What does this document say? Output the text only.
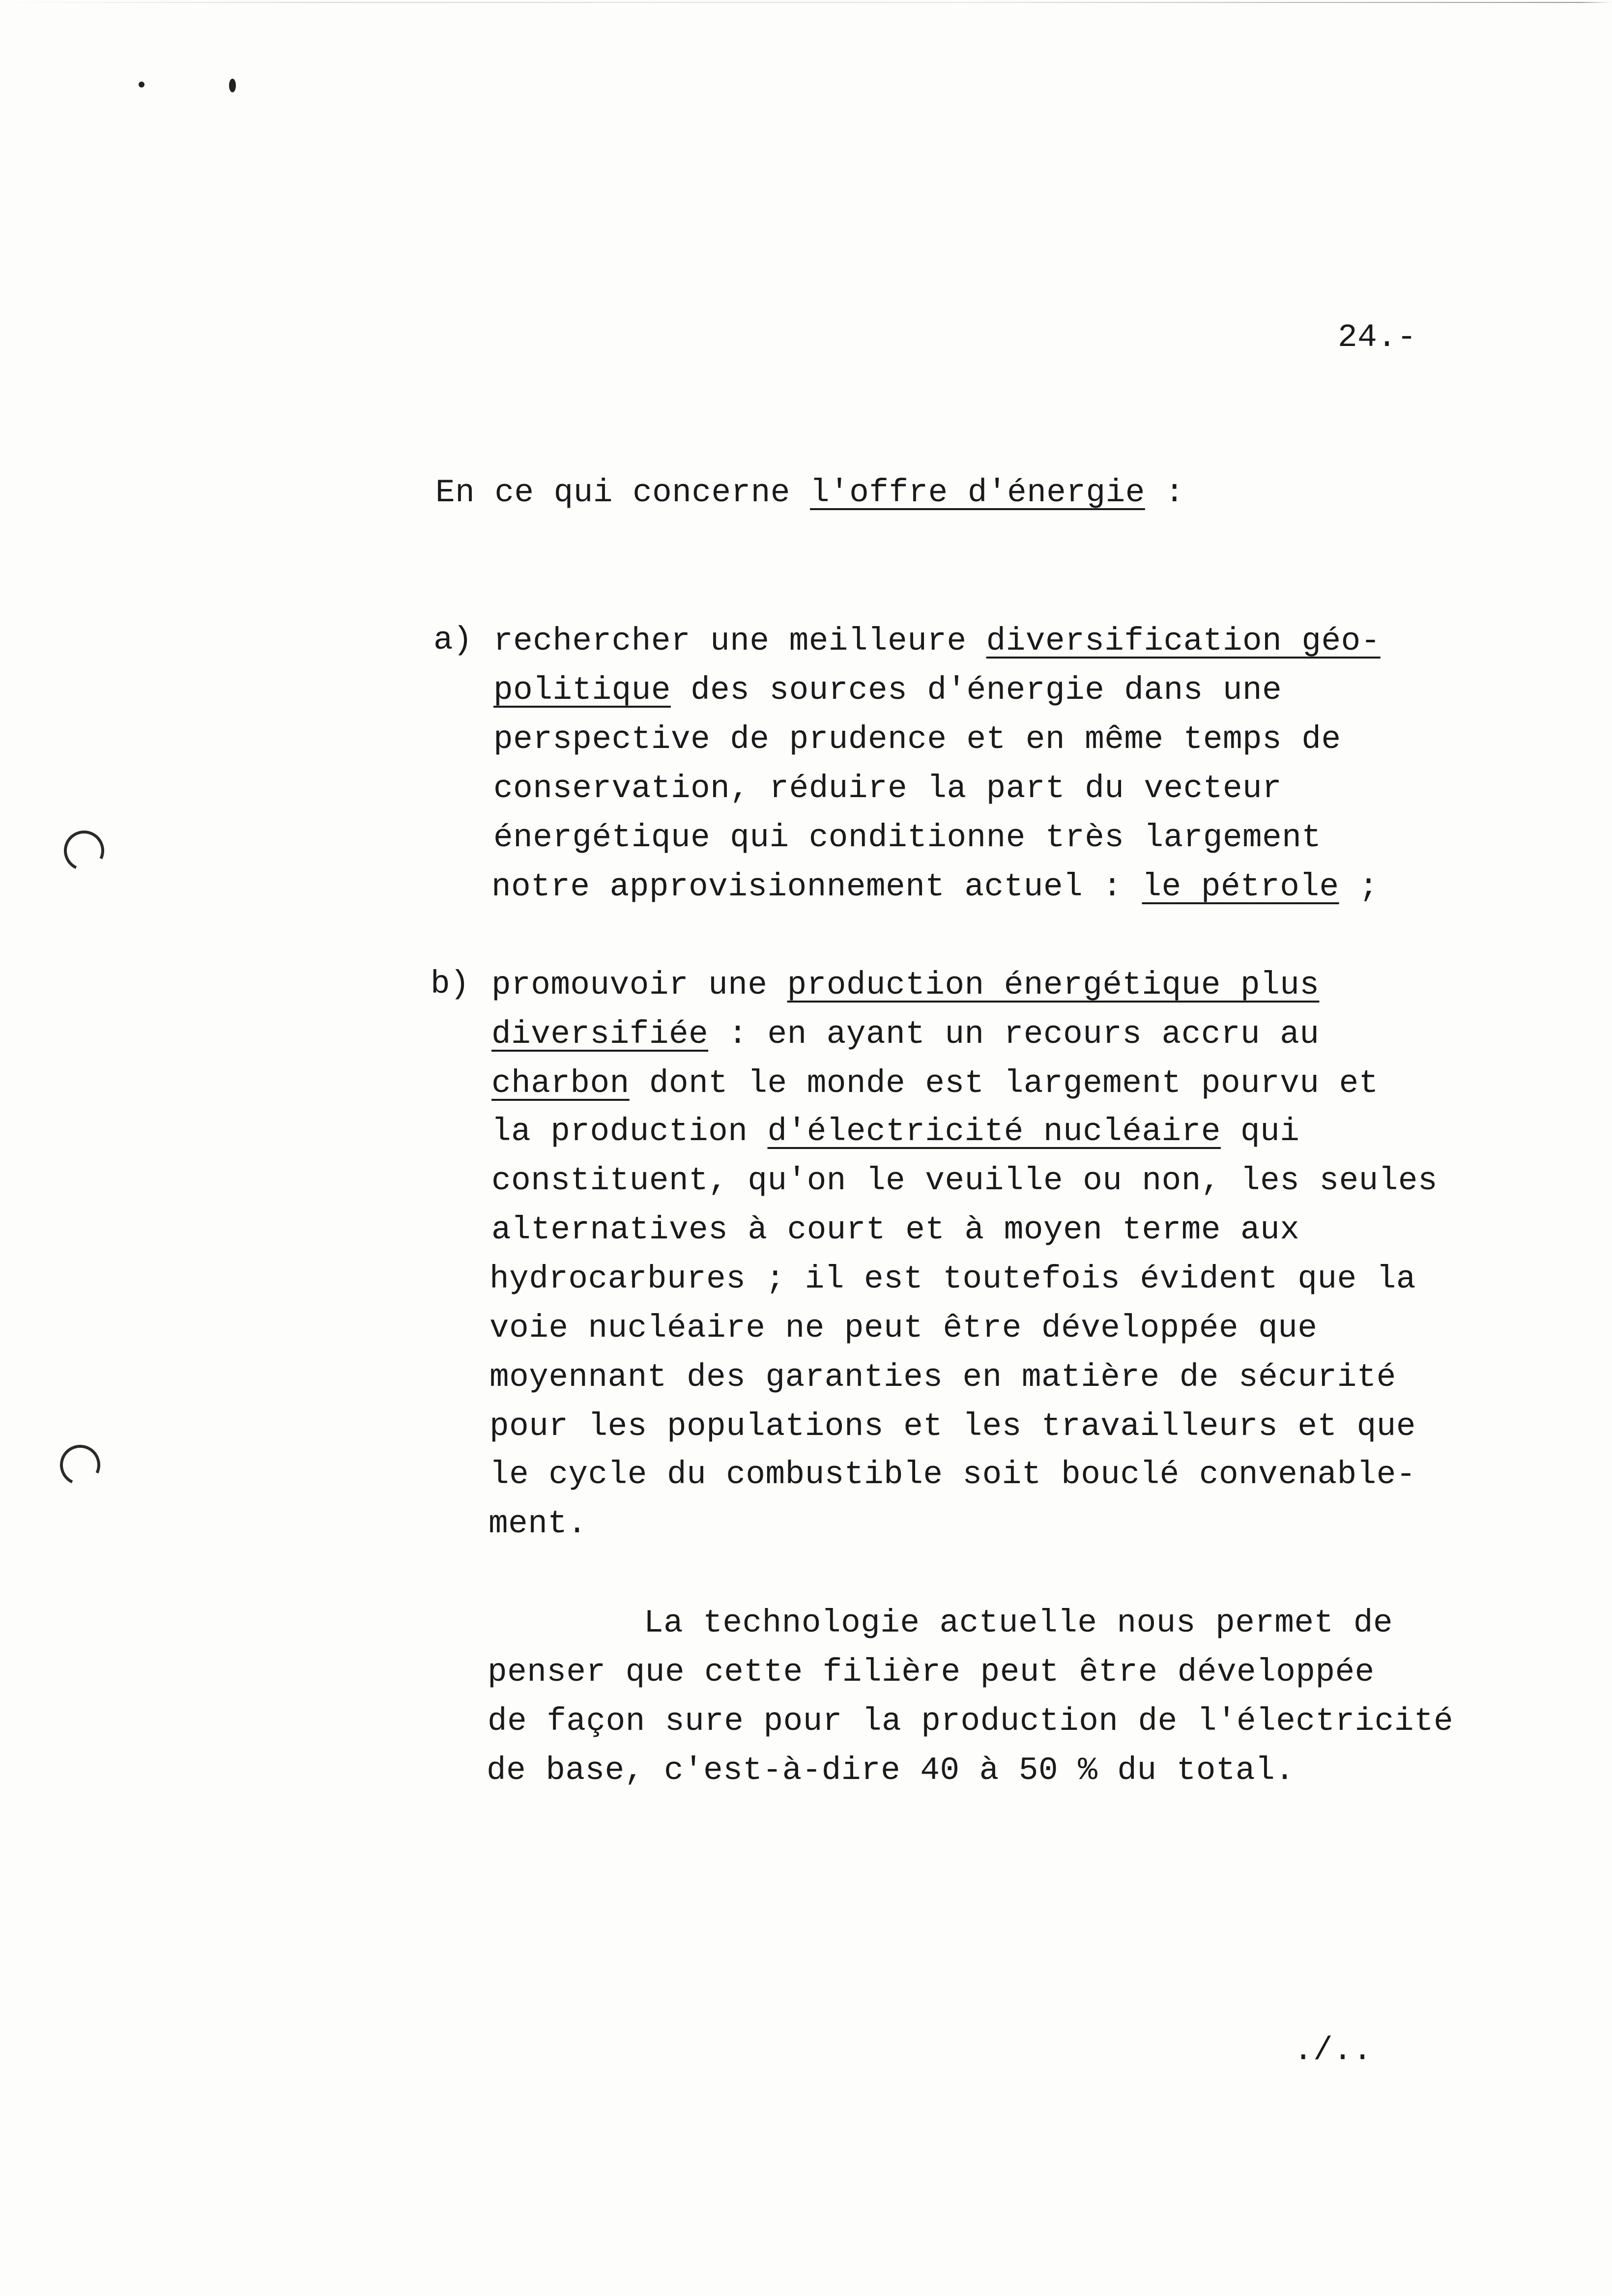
24.-
En ce qui concerne l'offre d'énergie :
a) rechercher une meilleure diversification géo-
politique des sources d'énergie dans une
perspective de prudence et en même temps de
conservation, réduire la part du vecteur
énergétique qui conditionne très largement
notre approvisionnement actuel : le pétrole ;
b) promouvoir une production énergétique plus
diversifiée : en ayant un recours accru au
charbon dont le monde est largement pourvu et
la production d'électricité nucléaire qui
constituent, qu'on le veuille ou non, les seules
alternatives à court et à moyen terme aux
hydrocarbures ; il est toutefois évident que la
voie nucléaire ne peut être développée que
moyennant des garanties en matière de sécurité
pour les populations et les travailleurs et que
le cycle du combustible soit bouclé convenable-
ment.
La technologie actuelle nous permet de
penser que cette filière peut être développée
de façon sure pour la production de l'électricité
de base, c'est-à-dire 40 à 50 % du total.
./..
